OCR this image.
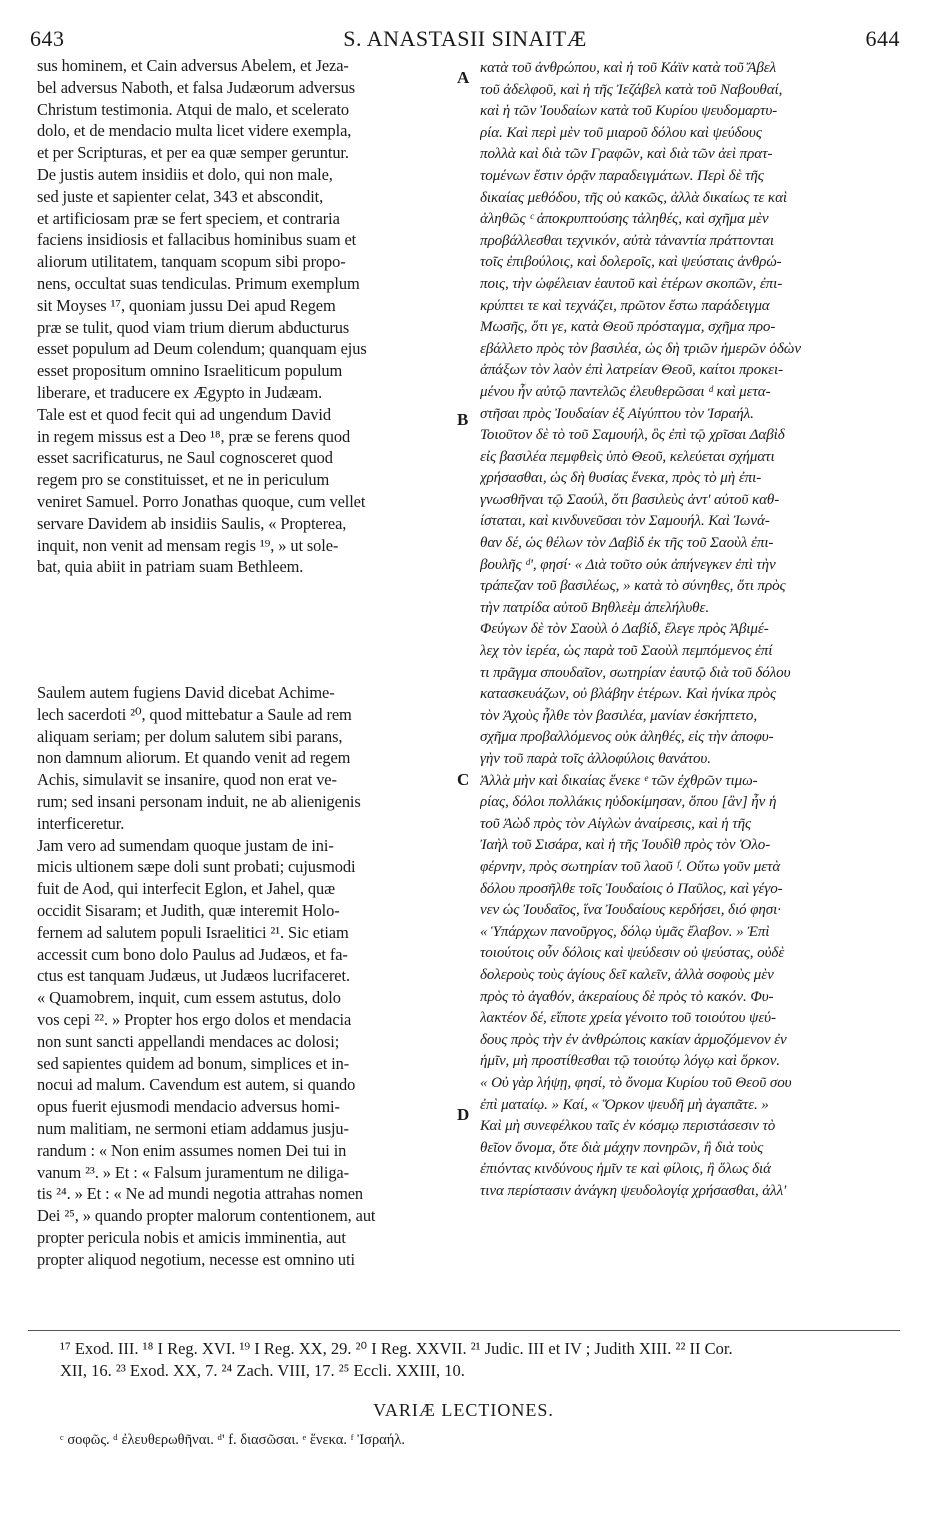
643	S. ANASTASII SINAITÆ	644
sus hominem, et Cain adversus Abelem, et Jeza-
bel adversus Naboth, et falsa Judæorum adversus
Christum testimonia. Atqui de malo, et scelerato
dolo, et de mendacio multa licet videre exempla,
et per Scripturas, et per ea quæ semper geruntur.
De justis autem insidiis et dolo, qui non male,
sed juste et sapienter celat, 343 et abscondit,
et artificiosam præ se fert speciem, et contraria
faciens insidiosis et fallacibus hominibus suam et
aliorum utilitatem, tanquam scopum sibi propo-
nens, occultat suas tendiculas. Primum exemplum
sit Moyses ¹⁷, quoniam jussu Dei apud Regem
præ se tulit, quod viam trium dierum abducturus
esset populum ad Deum colendum; quanquam ejus
esset propositum omnino Israeliticum populum
liberare, et traducere ex Ægypto in Judæam.
Tale est et quod fecit qui ad ungendum David
in regem missus est a Deo ¹⁸, præ se ferens quod
esset sacrificaturus, ne Saul cognosceret quod
regem pro se constituisset, et ne in periculum
veniret Samuel. Porro Jonathas quoque, cum vellet
servare Davidem ab insidiis Saulis, « Propterea,
inquit, non venit ad mensam regis ¹⁹, » ut sole-
bat, quia abiit in patriam suam Bethleem.
Saulem autem fugiens David dicebat Achime-
lech sacerdoti ²⁰, quod mittebatur a Saule ad rem
aliquam seriam; per dolum salutem sibi parans,
non damnum aliorum. Et quando venit ad regem
Achis, simulavit se insanire, quod non erat ve-
rum; sed insani personam induit, ne ab alienigenis
interficeretur.
Jam vero ad sumendam quoque justam de ini-
micis ultionem sæpe doli sunt probati; cujusmodi
fuit de Aod, qui interfecit Eglon, et Jahel, quæ
occidit Sisaram; et Judith, quæ interemit Holo-
fernem ad salutem populi Israelitici ²¹. Sic etiam
accessit cum bono dolo Paulus ad Judæos, et fa-
ctus est tanquam Judæus, ut Judæos lucrifaceret.
« Quamobrem, inquit, cum essem astutus, dolo
vos cepi ²². » Propter hos ergo dolos et mendacia
non sunt sancti appellandi mendaces ac dolosi;
sed sapientes quidem ad bonum, simplices et in-
nocui ad malum. Cavendum est autem, si quando
opus fuerit ejusmodi mendacio adversus homi-
num malitiam, ne sermoni etiam addamus jusju-
randum : « Non enim assumes nomen Dei tui in
vanum ²³. » Et : « Falsum juramentum ne diliga-
tis ²⁴. » Et : « Ne ad mundi negotia attrahas nomen
Dei ²⁵, » quando propter malorum contentionem, aut
propter pericula nobis et amicis imminentia, aut
propter aliquod negotium, necesse est omnino uti
A
B
C
D
κατὰ τοῦ ἀνθρώπου, καὶ ἡ τοῦ Κάϊν κατὰ τοῦ Ἄβελ
τοῦ ἀδελφοῦ, καὶ ἡ τῆς Ἰεζάβελ κατὰ τοῦ Ναβουθαί,
καὶ ἡ τῶν Ἰουδαίων κατὰ τοῦ Κυρίου ψευδομαρτυ-
ρία. Καὶ περὶ μὲν τοῦ μιαροῦ δόλου καὶ ψεύδους
πολλὰ καὶ διὰ τῶν Γραφῶν, καὶ διὰ τῶν ἀεὶ πρατ-
τομένων ἔστιν ὁρᾷν παραδειγμάτων. Περὶ δὲ τῆς
δικαίας μεθόδου, τῆς οὐ κακῶς, ἀλλὰ δικαίως τε καὶ
ἀληθῶς ᶜ ἀποκρυπτούσης τἀληθές, καὶ σχῆμα μὲν
προβάλλεσθαι τεχνικόν, αὐτὰ τἀναντία πράττονται
τοῖς ἐπιβούλοις, καὶ δολεροῖς, καὶ ψεύσταις ἀνθρώ-
ποις, τὴν ὠφέλειαν ἑαυτοῦ καὶ ἑτέρων σκοπῶν, ἐπι-
κρύπτει τε καὶ τεχνάζει, πρῶτον ἔστω παράδειγμα
Μωσῆς, ὅτι γε, κατὰ Θεοῦ πρόσταγμα, σχῆμα προ-
εβάλλετο πρὸς τὸν βασιλέα, ὡς δὴ τριῶν ἡμερῶν ὁδὼν
ἀπάξων τὸν λαὸν ἐπὶ λατρείαν Θεοῦ, καίτοι προκει-
μένου ἦν αὐτῷ παντελῶς ἐλευθερῶσαι ᵈ καὶ μετα-
στῆσαι πρὸς Ἰουδαίαν ἐξ Αἰγύπτου τὸν Ἰσραήλ.
Τοιοῦτον δὲ τὸ τοῦ Σαμουήλ, ὃς ἐπὶ τῷ χρῖσαι Δαβὶδ
εἰς βασιλέα πεμφθεὶς ὑπὸ Θεοῦ, κελεύεται σχήματι
χρήσασθαι, ὡς δὴ θυσίας ἕνεκα, πρὸς τὸ μὴ ἐπι-
γνωσθῆναι τῷ Σαούλ, ὅτι βασιλεὺς ἀντ' αὐτοῦ καθ-
ίσταται, καὶ κινδυνεῦσαι τὸν Σαμουήλ. Καὶ Ἰωνά-
θαν δέ, ὡς θέλων τὸν Δαβὶδ ἐκ τῆς τοῦ Σαοὺλ ἐπι-
βουλῆς ᵈ', φησί· « Διὰ τοῦτο οὐκ ἀπήνεγκεν ἐπὶ τὴν
τράπεζαν τοῦ βασιλέως, » κατὰ τὸ σύνηθες, ὅτι πρὸς
τὴν πατρίδα αὐτοῦ Βηθλεὲμ ἀπελήλυθε.
Φεύγων δὲ τὸν Σαοὺλ ὁ Δαβίδ, ἔλεγε πρὸς Ἀβιμέ-
λεχ τὸν ἱερέα, ὡς παρὰ τοῦ Σαοὺλ πεμπόμενος ἐπί
τι πρᾶγμα σπουδαῖον, σωτηρίαν ἑαυτῷ διὰ τοῦ δόλου
κατασκευάζων, οὐ βλάβην ἑτέρων. Καὶ ἡνίκα πρὸς
τὸν Ἀχοὺς ἦλθε τὸν βασιλέα, μανίαν ἐσκήπτετο,
σχῆμα προβαλλόμενος οὐκ ἀληθές, εἰς τὴν ἀποφυ-
γὴν τοῦ παρὰ τοῖς ἀλλοφύλοις θανάτου.
Ἀλλὰ μὴν καὶ δικαίας ἕνεκε ᵉ τῶν ἐχθρῶν τιμω-
ρίας, δόλοι πολλάκις ηὐδοκίμησαν, ὅπου [ἂν] ἦν ἡ
τοῦ Ἀὼδ πρὸς τὸν Αἰγλὼν ἀναίρεσις, καὶ ἡ τῆς
Ἰαὴλ τοῦ Σισάρα, καὶ ἡ τῆς Ἰουδὶθ πρὸς τὸν Ὁλο-
φέρνην, πρὸς σωτηρίαν τοῦ λαοῦ ᶠ. Οὕτω γοῦν μετὰ
δόλου προσῆλθε τοῖς Ἰουδαίοις ὁ Παῦλος, καὶ γέγο-
νεν ὡς Ἰουδαῖος, ἵνα Ἰουδαίους κερδήσει, διό φησι·
« Ὑπάρχων πανοῦργος, δόλῳ ὑμᾶς ἔλαβον. » Ἐπὶ
τοιούτοις οὖν δόλοις καὶ ψεύδεσιν οὐ ψεύστας, οὐδὲ
δολεροὺς τοὺς ἁγίους δεῖ καλεῖν, ἀλλὰ σοφοὺς μὲν
πρὸς τὸ ἀγαθόν, ἀκεραίους δὲ πρὸς τὸ κακόν. Φυ-
λακτέον δέ, εἴποτε χρεία γένοιτο τοῦ τοιούτου ψεύ-
δους πρὸς τὴν ἐν ἀνθρώποις κακίαν ἁρμοζόμενον ἐν
ἡμῖν, μὴ προστίθεσθαι τῷ τοιούτῳ λόγῳ καὶ ὅρκον.
« Οὐ γὰρ λήψῃ, φησί, τὸ ὄνομα Κυρίου τοῦ Θεοῦ σου
ἐπὶ ματαίῳ. » Καί, « Ὅρκον ψευδῆ μὴ ἀγαπᾶτε. »
Καὶ μὴ συνεφέλκου ταῖς ἐν κόσμῳ περιστάσεσιν τὸ
θεῖον ὄνομα, ὅτε διὰ μάχην πονηρῶν, ἢ διὰ τοὺς
ἐπιόντας κινδύνους ἡμῖν τε καὶ φίλοις, ἢ ὅλως διά
τινα περίστασιν ἀνάγκη ψευδολογίᾳ χρήσασθαι, ἀλλ'
¹⁷ Exod. III. ¹⁸ I Reg. XVI. ¹⁹ I Reg. XX, 29. ²⁰ I Reg. XXVII. ²¹ Judic. III et IV ; Judith XIII. ²² II Cor.
XII, 16. ²³ Exod. XX, 7. ²⁴ Zach. VIII, 17. ²⁵ Eccli. XXIII, 10.
VARIÆ LECTIONES.
ᶜ σοφῶς. ᵈ ἐλευθερωθῆναι. ᵈ' f. διασῶσαι. ᵉ ἕνεκα. ᶠ Ἰσραήλ.
